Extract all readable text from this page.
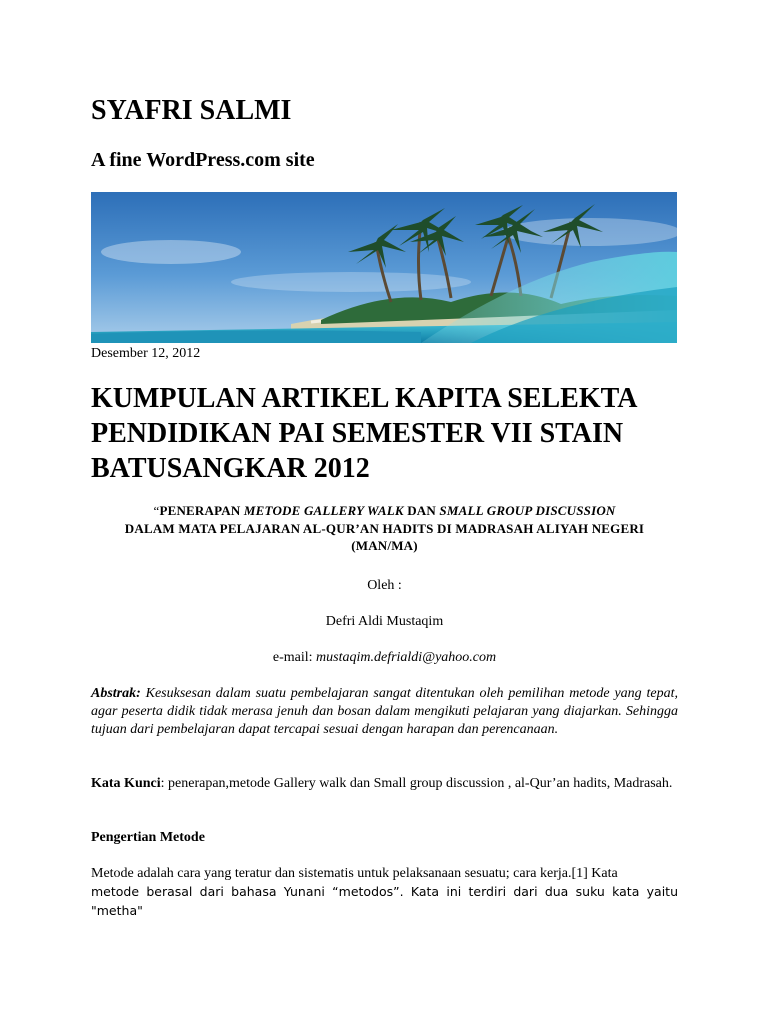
SYAFRI SALMI
A fine WordPress.com site
Desember 12, 2012
KUMPULAN ARTIKEL KAPITA SELEKTA PENDIDIKAN PAI SEMESTER VII STAIN BATUSANGKAR 2012
“PENERAPAN METODE GALLERY WALK DAN SMALL GROUP DISCUSSION
DALAM MATA PELAJARAN AL-QUR’AN HADITS DI MADRASAH ALIYAH NEGERI (MAN/MA)
Oleh :
Defri Aldi Mustaqim
e-mail: mustaqim.defrialdi@yahoo.com

Abstrak: Kesuksesan dalam suatu pembelajaran sangat ditentukan oleh pemilihan metode yang tepat, agar peserta didik tidak merasa jenuh dan bosan dalam mengikuti pelajaran yang diajarkan. Sehingga tujuan dari pembelajaran dapat tercapai sesuai dengan harapan dan perencanaan.

Kata Kunci: penerapan,metode Gallery walk dan Small group discussion , al-Qur’an hadits, Madrasah.

Pengertian Metode

Metode adalah cara yang teratur dan sistematis untuk pelaksanaan sesuatu; cara kerja.[1] Kata
metode berasal dari bahasa Yunani “metodos”. Kata ini terdiri dari dua suku kata yaitu "metha"
